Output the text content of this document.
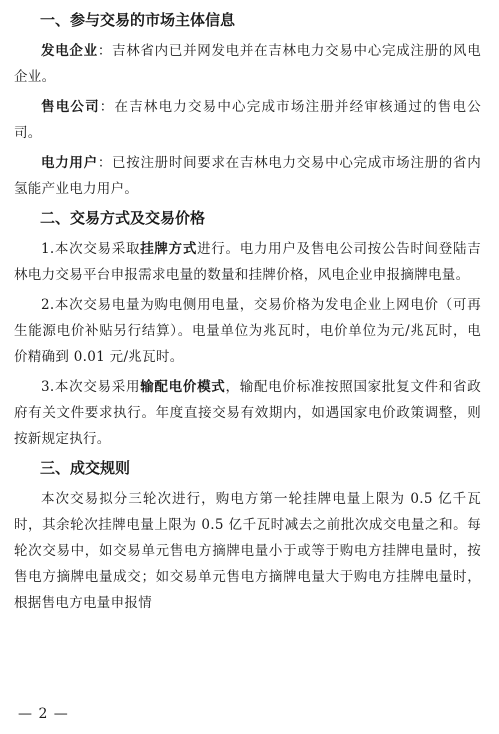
一、参与交易的市场主体信息

发电企业：吉林省内已并网发电并在吉林电力交易中心完成注册的风电企业。

售电公司：在吉林电力交易中心完成市场注册并经审核通过的售电公司。

电力用户：已按注册时间要求在吉林电力交易中心完成市场注册的省内氢能产业电力用户。

二、交易方式及交易价格

1.本次交易采取挂牌方式进行。电力用户及售电公司按公告时间登陆吉林电力交易平台申报需求电量的数量和挂牌价格，风电企业申报摘牌电量。

2.本次交易电量为购电侧用电量，交易价格为发电企业上网电价（可再生能源电价补贴另行结算）。电量单位为兆瓦时，电价单位为元/兆瓦时，电价精确到 0.01 元/兆瓦时。

3.本次交易采用输配电价模式，输配电价标准按照国家批复文件和省政府有关文件要求执行。年度直接交易有效期内，如遇国家电价政策调整，则按新规定执行。

三、成交规则

本次交易拟分三轮次进行，购电方第一轮挂牌电量上限为 0.5 亿千瓦时，其余轮次挂牌电量上限为 0.5 亿千瓦时减去之前批次成交电量之和。每轮次交易中，如交易单元售电方摘牌电量小于或等于购电方挂牌电量时，按售电方摘牌电量成交；如交易单元售电方摘牌电量大于购电方挂牌电量时，根据售电方电量申报情

— 2 —
